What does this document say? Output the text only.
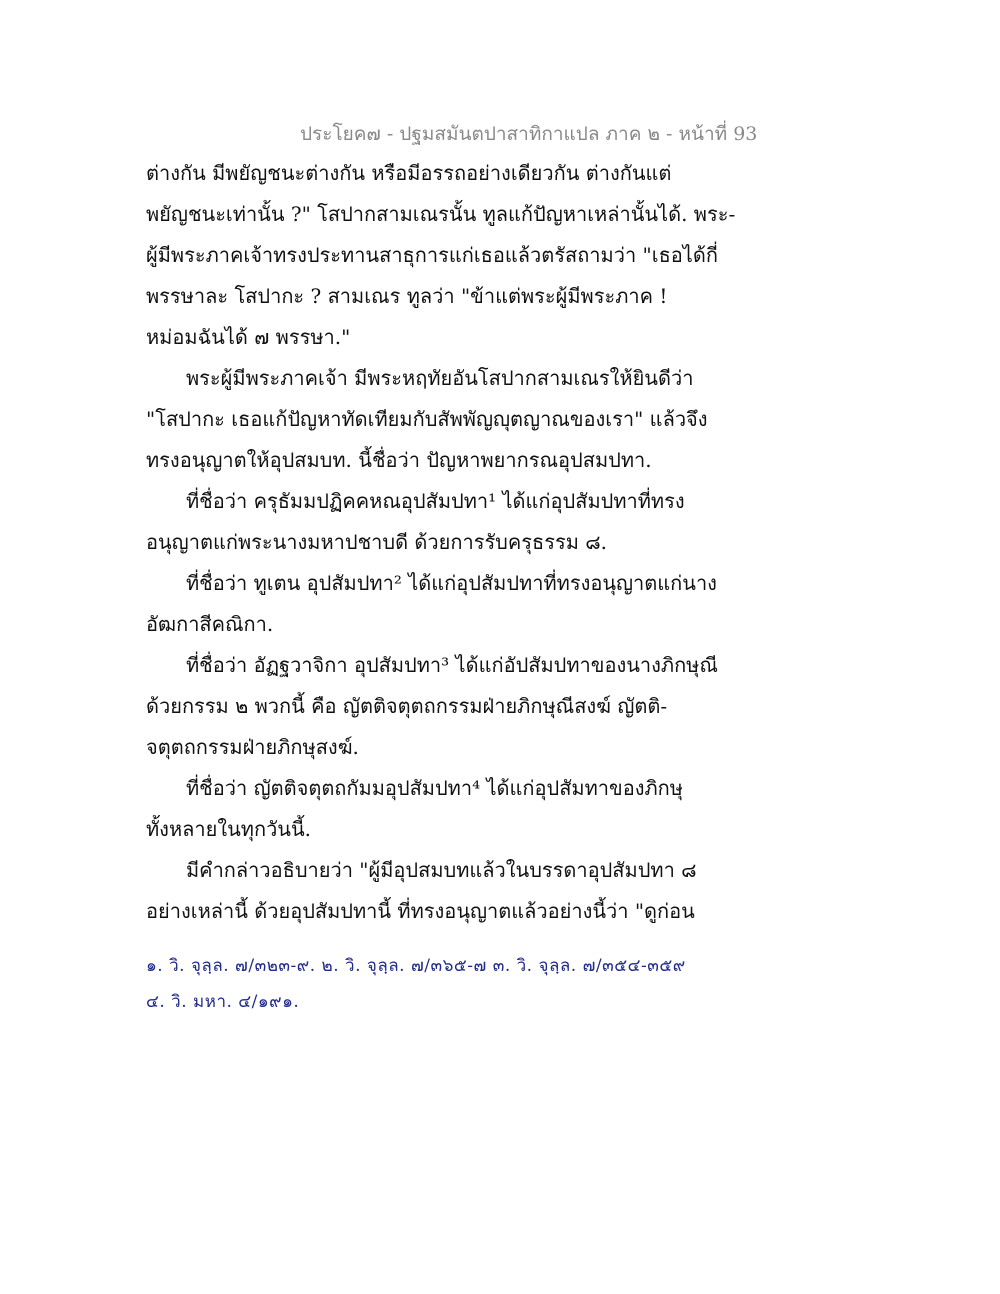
ประโยค๗ - ปฐมสมันตปาสาทิกาแปล ภาค ๒ - หน้าที่ 93
ต่างกัน มีพยัญชนะต่างกัน หรือมีอรรถอย่างเดียวกัน ต่างกันแต่
พยัญชนะเท่านั้น ?" โสปากสามเณรนั้น ทูลแก้ปัญหาเหล่านั้นได้. พระ-
ผู้มีพระภาคเจ้าทรงประทานสาธุการแก่เธอแล้วตรัสถามว่า "เธอได้กี่
พรรษาละ โสปากะ ? สามเณร ทูลว่า "ข้าแต่พระผู้มีพระภาค !
หม่อมฉันได้ ๗ พรรษา."
พระผู้มีพระภาคเจ้า มีพระหฤทัยอันโสปากสามเณรให้ยินดีว่า
"โสปากะ เธอแก้ปัญหาทัดเทียมกับสัพพัญญุตญาณของเรา" แล้วจึง
ทรงอนุญาตให้อุปสมบท. นี้ชื่อว่า ปัญหาพยากรณอุปสมปทา.
ที่ชื่อว่า ครุธัมมปฏิคคหณอุปสัมปทา¹ ได้แก่อุปสัมปทาที่ทรง
อนุญาตแก่พระนางมหาปชาบดี ด้วยการรับครุธรรม ๘.
ที่ชื่อว่า ทูเตน อุปสัมปทา² ได้แก่อุปสัมปทาที่ทรงอนุญาตแก่นาง
อัฒกาสีคณิกา.
ที่ชื่อว่า อัฏฐวาจิกา อุปสัมปทา³ ได้แก่อัปสัมปทาของนางภิกษุณี
ด้วยกรรม ๒ พวกนี้ คือ ญัตติจตุตถกรรมฝ่ายภิกษุณีสงฆ์ ญัตติ-
จตุตถกรรมฝ่ายภิกษุสงฆ์.
ที่ชื่อว่า ญัตติจตุตถกัมมอุปสัมปทา⁴ ได้แก่อุปสัมทาของภิกษุ
ทั้งหลายในทุกวันนี้.
มีคำกล่าวอธิบายว่า "ผู้มีอุปสมบทแล้วในบรรดาอุปสัมปทา ๘
อย่างเหล่านี้ ด้วยอุปสัมปทานี้ ที่ทรงอนุญาตแล้วอย่างนี้ว่า "ดูก่อน
๑. วิ. จุลฺล. ๗/๓๒๓-๙. ๒. วิ. จุลฺล. ๗/๓๖๕-๗ ๓. วิ. จุลฺล. ๗/๓๕๔-๓๕๙
๔. วิ. มหา. ๔/๑๙๑.
